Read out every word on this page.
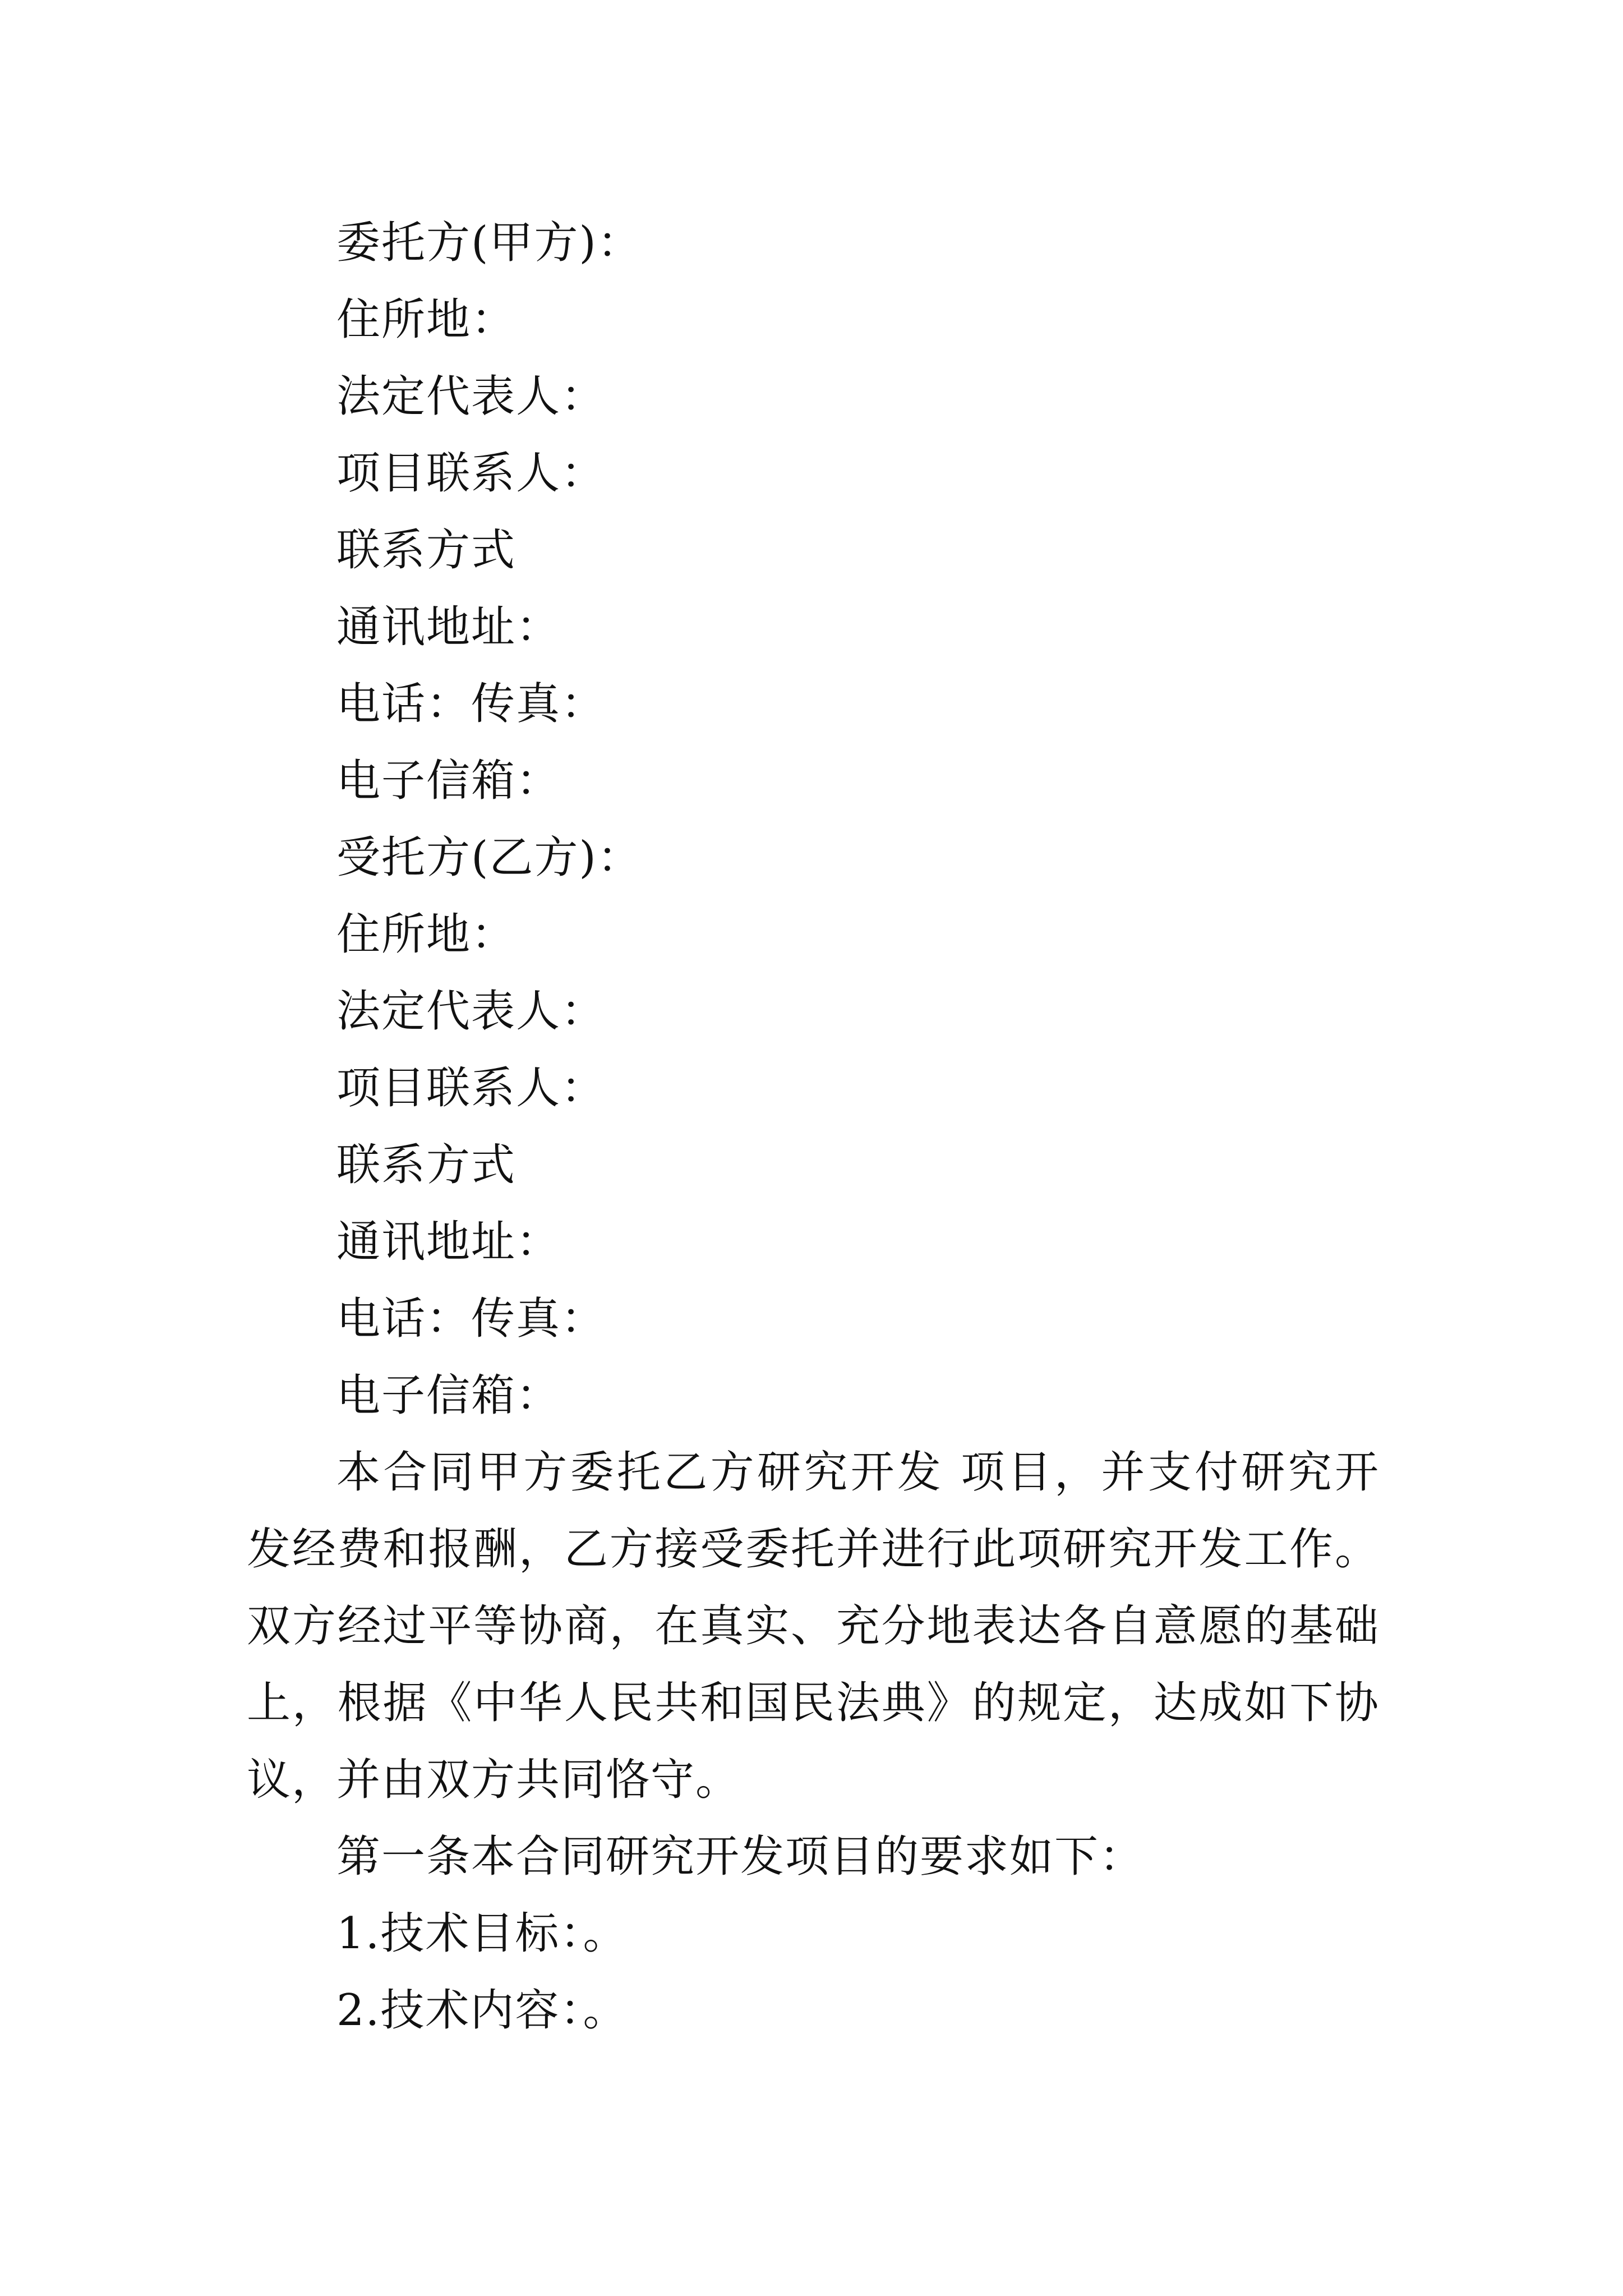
委托方(甲方)：
住所地：
法定代表人：
项目联系人：
联系方式
通讯地址：
电话：传真：
电子信箱：
受托方(乙方)：
住所地：
法定代表人：
项目联系人：
联系方式
通讯地址：
电话：传真：
电子信箱：

本合同甲方委托乙方研究开发 项目，并支付研究开发经费和报酬，乙方接受委托并进行此项研究开发工作。双方经过平等协商，在真实、充分地表达各自意愿的基础上，根据《中华人民共和国民法典》的规定，达成如下协议，并由双方共同恪守。

第一条本合同研究开发项目的要求如下：
1.技术目标：。
2.技术内容：。
